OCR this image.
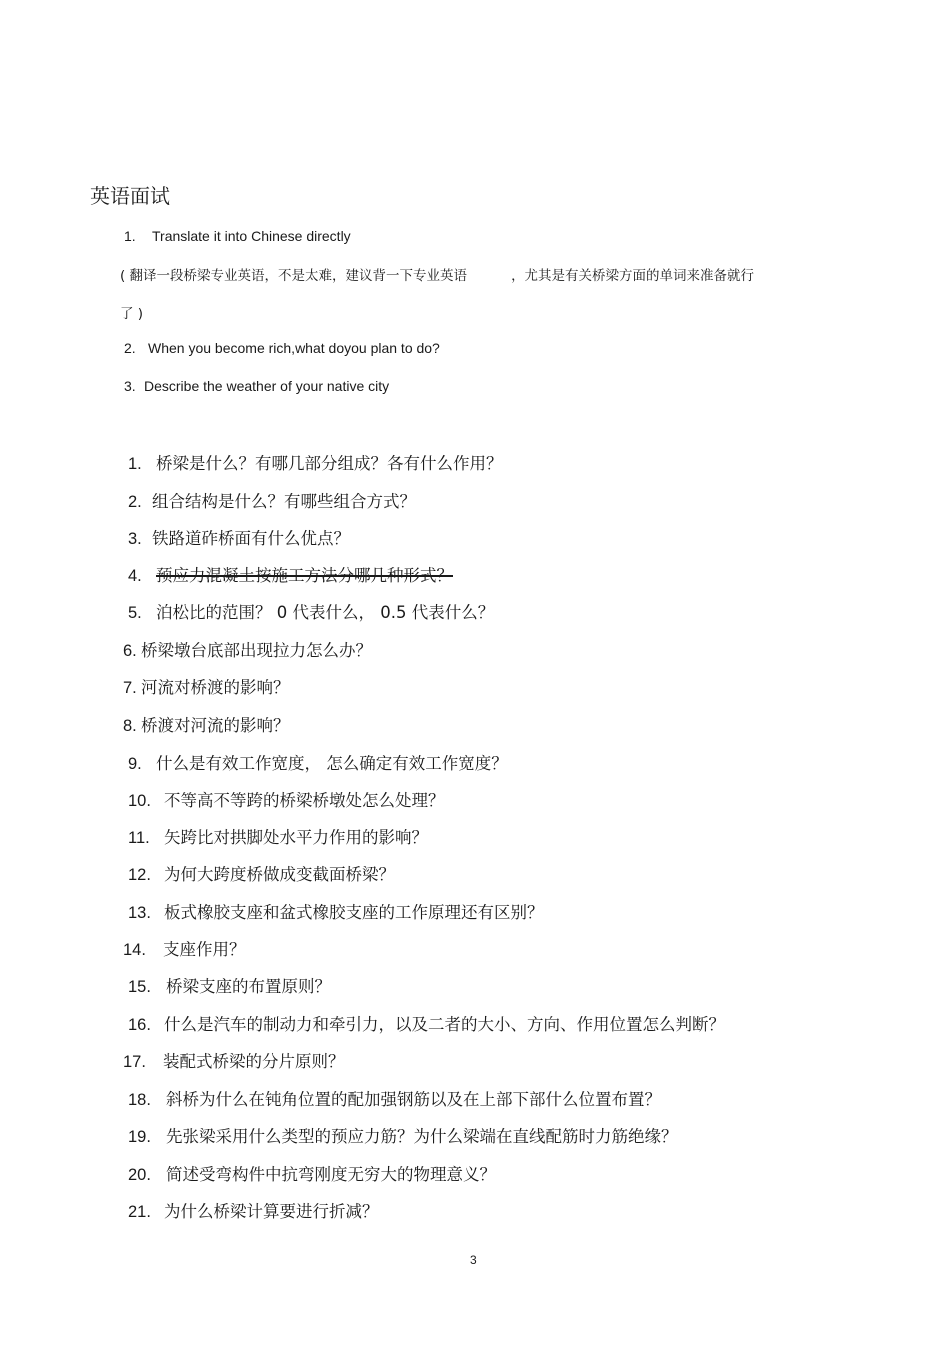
英语面试
1. Translate it into Chinese directly
( 翻译一段桥梁专业英语，不是太难，建议背一下专业英语	，尤其是有关桥梁方面的单词来准备就行
了 )
2. When you become rich,what doyou plan to do?
3. Describe the weather of your native city
1. 桥梁是什么？有哪几部分组成？各有什么作用？
2. 组合结构是什么？有哪些组合方式？
3. 铁路道砟桥面有什么优点？
4. 预应力混凝土按施工方法分哪几种形式？
5. 泊松比的范围？ 0 代表什么， 0.5 代表什么？
6. 桥梁墩台底部出现拉力怎么办？
7. 河流对桥渡的影响？
8. 桥渡对河流的影响？
9. 什么是有效工作宽度， 怎么确定有效工作宽度？
10. 不等高不等跨的桥梁桥墩处怎么处理？
11. 矢跨比对拱脚处水平力作用的影响？
12. 为何大跨度桥做成变截面桥梁？
13. 板式橡胶支座和盆式橡胶支座的工作原理还有区别？
14. 支座作用？
15. 桥梁支座的布置原则？
16. 什么是汽车的制动力和牵引力，以及二者的大小、方向、作用位置怎么判断？
17. 装配式桥梁的分片原则？
18. 斜桥为什么在钝角位置的配加强钢筋以及在上部下部什么位置布置？
19. 先张梁采用什么类型的预应力筋？为什么梁端在直线配筋时力筋绝缘？
20. 简述受弯构件中抗弯刚度无穷大的物理意义？
21. 为什么桥梁计算要进行折减？
3
